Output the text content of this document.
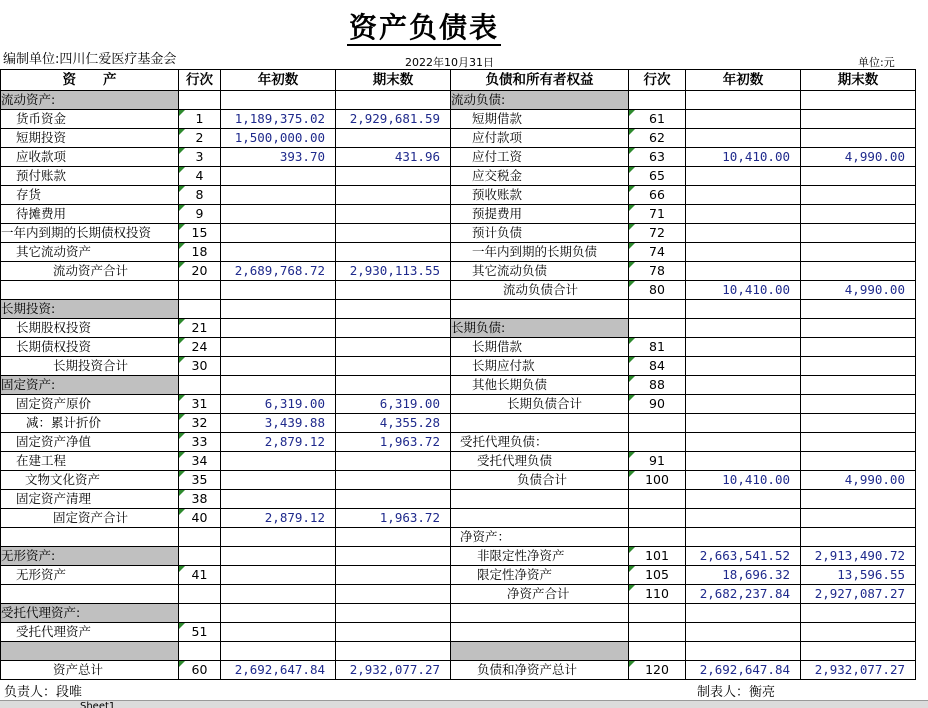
资产负债表
编制单位:四川仁爱医疗基金会	2022年10月31日	单位:元
资　　产	行次	年初数	期末数	负债和所有者权益	行次	年初数	期末数
流动资产:				流动负债:			
货币资金	1	1,189,375.02	2,929,681.59	短期借款	61		
短期投资	2	1,500,000.00		应付款项	62		
应收款项	3	393.70	431.96	应付工资	63	10,410.00	4,990.00
预付账款	4			应交税金	65		
存货	8			预收账款	66		
待摊费用	9			预提费用	71		
一年内到期的长期债权投资	15			预计负债	72		
其它流动资产	18			一年内到期的长期负债	74		
流动资产合计	20	2,689,768.72	2,930,113.55	其它流动负债	78		
				流动负债合计	80	10,410.00	4,990.00
长期投资:							
长期股权投资	21			长期负债:			
长期债权投资	24			长期借款	81		
长期投资合计	30			长期应付款	84		
固定资产:				其他长期负债	88		
固定资产原价	31	6,319.00	6,319.00	长期负债合计	90		
减：累计折价	32	3,439.88	4,355.28				
固定资产净值	33	2,879.12	1,963.72	受托代理负债：			
在建工程	34			受托代理负债	91		
文物文化资产	35			负债合计	100	10,410.00	4,990.00
固定资产清理	38						
固定资产合计	40	2,879.12	1,963.72				
				净资产：			
无形资产:				非限定性净资产	101	2,663,541.52	2,913,490.72
无形资产	41			限定性净资产	105	18,696.32	13,596.55
				净资产合计	110	2,682,237.84	2,927,087.27
受托代理资产:							
受托代理资产	51						

资产总计	60	2,692,647.84	2,932,077.27	负债和净资产总计	120	2,692,647.84	2,932,077.27
负责人：段唯	制表人：衡亮
Sheet1
